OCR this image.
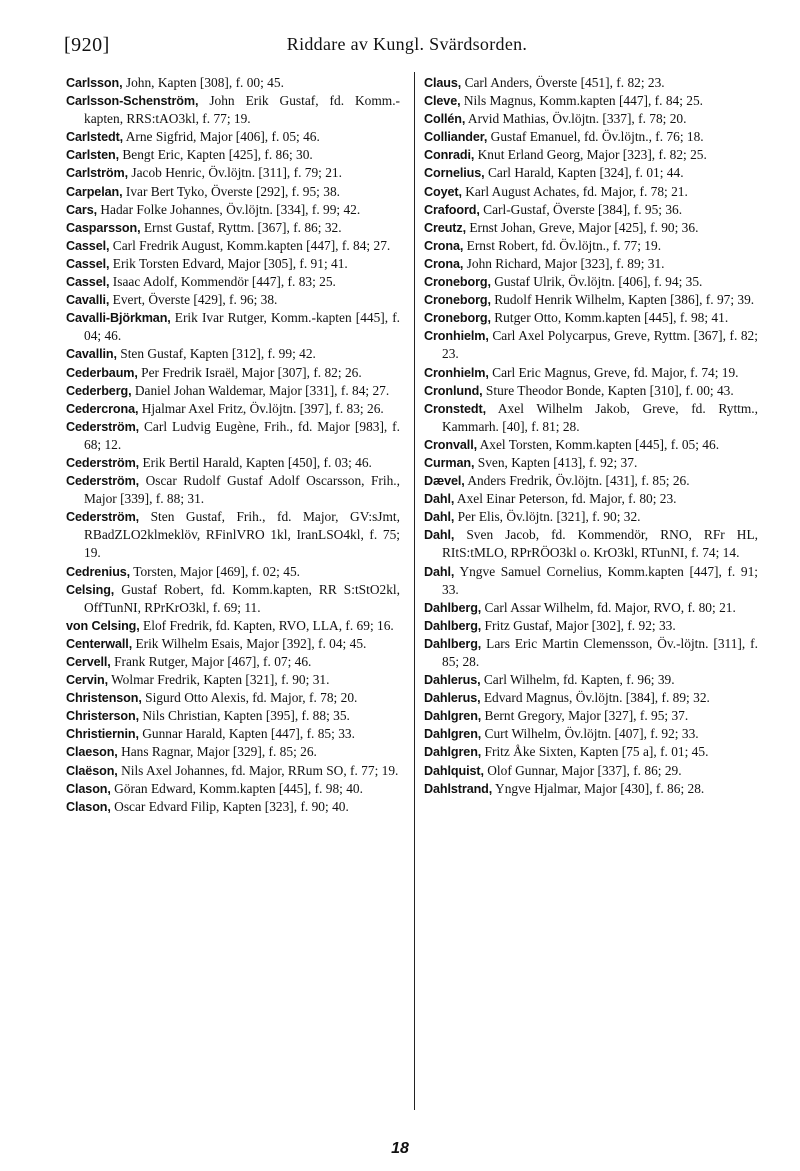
[920]	Riddare av Kungl. Svärdsorden.

Carlsson, John, Kapten [308], f. 00; 45.

Carlsson-Schenström, John Erik Gustaf, fd. Komm.-kapten, RRS:tAO3kl, f. 77; 19.

Carlstedt, Arne Sigfrid, Major [406], f. 05; 46.

Carlsten, Bengt Eric, Kapten [425], f. 86; 30.

Carlström, Jacob Henric, Öv.löjtn. [311], f. 79; 21.

Carpelan, Ivar Bert Tyko, Överste [292], f. 95; 38.

Cars, Hadar Folke Johannes, Öv.löjtn. [334], f. 99; 42.

Casparsson, Ernst Gustaf, Ryttm. [367], f. 86; 32.

Cassel, Carl Fredrik August, Komm.kapten [447], f. 84; 27.

Cassel, Erik Torsten Edvard, Major [305], f. 91; 41.

Cassel, Isaac Adolf, Kommendör [447], f. 83; 25.

Cavalli, Evert, Överste [429], f. 96; 38.

Cavalli-Björkman, Erik Ivar Rutger, Komm.-kapten [445], f. 04; 46.

Cavallin, Sten Gustaf, Kapten [312], f. 99; 42.

Cederbaum, Per Fredrik Israël, Major [307], f. 82; 26.

Cederberg, Daniel Johan Waldemar, Major [331], f. 84; 27.

Cedercrona, Hjalmar Axel Fritz, Öv.löjtn. [397], f. 83; 26.

Cederström, Carl Ludvig Eugène, Frih., fd. Major [983], f. 68; 12.

Cederström, Erik Bertil Harald, Kapten [450], f. 03; 46.

Cederström, Oscar Rudolf Gustaf Adolf Oscarsson, Frih., Major [339], f. 88; 31.

Cederström, Sten Gustaf, Frih., fd. Major, GV:sJmt, RBadZLO2klmeklöv, RFinlVRO 1kl, IranLSO4kl, f. 75; 19.

Cedrenius, Torsten, Major [469], f. 02; 45.

Celsing, Gustaf Robert, fd. Komm.kapten, RR S:tStO2kl, OffTunNI, RPrKrO3kl, f. 69; 11.

von Celsing, Elof Fredrik, fd. Kapten, RVO, LLA, f. 69; 16.

Centerwall, Erik Wilhelm Esais, Major [392], f. 04; 45.

Cervell, Frank Rutger, Major [467], f. 07; 46.

Cervin, Wolmar Fredrik, Kapten [321], f. 90; 31.

Christenson, Sigurd Otto Alexis, fd. Major, f. 78; 20.

Christerson, Nils Christian, Kapten [395], f. 88; 35.

Christiernin, Gunnar Harald, Kapten [447], f. 85; 33.

Claeson, Hans Ragnar, Major [329], f. 85; 26.

Claëson, Nils Axel Johannes, fd. Major, RRum SO, f. 77; 19.

Clason, Göran Edward, Komm.kapten [445], f. 98; 40.

Clason, Oscar Edvard Filip, Kapten [323], f. 90; 40.

Claus, Carl Anders, Överste [451], f. 82; 23.

Cleve, Nils Magnus, Komm.kapten [447], f. 84; 25.

Collén, Arvid Mathias, Öv.löjtn. [337], f. 78; 20.

Colliander, Gustaf Emanuel, fd. Öv.löjtn., f. 76; 18.

Conradi, Knut Erland Georg, Major [323], f. 82; 25.

Cornelius, Carl Harald, Kapten [324], f. 01; 44.

Coyet, Karl August Achates, fd. Major, f. 78; 21.

Crafoord, Carl-Gustaf, Överste [384], f. 95; 36.

Creutz, Ernst Johan, Greve, Major [425], f. 90; 36.

Crona, Ernst Robert, fd. Öv.löjtn., f. 77; 19.

Crona, John Richard, Major [323], f. 89; 31.

Croneborg, Gustaf Ulrik, Öv.löjtn. [406], f. 94; 35.

Croneborg, Rudolf Henrik Wilhelm, Kapten [386], f. 97; 39.

Croneborg, Rutger Otto, Komm.kapten [445], f. 98; 41.

Cronhielm, Carl Axel Polycarpus, Greve, Ryttm. [367], f. 82; 23.

Cronhielm, Carl Eric Magnus, Greve, fd. Major, f. 74; 19.

Cronlund, Sture Theodor Bonde, Kapten [310], f. 00; 43.

Cronstedt, Axel Wilhelm Jakob, Greve, fd. Ryttm., Kammarh. [40], f. 81; 28.

Cronvall, Axel Torsten, Komm.kapten [445], f. 05; 46.

Curman, Sven, Kapten [413], f. 92; 37.

Dævel, Anders Fredrik, Öv.löjtn. [431], f. 85; 26.

Dahl, Axel Einar Peterson, fd. Major, f. 80; 23.

Dahl, Per Elis, Öv.löjtn. [321], f. 90; 32.

Dahl, Sven Jacob, fd. Kommendör, RNO, RFr HL, RItS:tMLO, RPrRÖO3kl o. KrO3kl, RTunNI, f. 74; 14.

Dahl, Yngve Samuel Cornelius, Komm.kapten [447], f. 91; 33.

Dahlberg, Carl Assar Wilhelm, fd. Major, RVO, f. 80; 21.

Dahlberg, Fritz Gustaf, Major [302], f. 92; 33.

Dahlberg, Lars Eric Martin Clemensson, Öv.-löjtn. [311], f. 85; 28.

Dahlerus, Carl Wilhelm, fd. Kapten, f. 96; 39.

Dahlerus, Edvard Magnus, Öv.löjtn. [384], f. 89; 32.

Dahlgren, Bernt Gregory, Major [327], f. 95; 37.

Dahlgren, Curt Wilhelm, Öv.löjtn. [407], f. 92; 33.

Dahlgren, Fritz Åke Sixten, Kapten [75 a], f. 01; 45.

Dahlquist, Olof Gunnar, Major [337], f. 86; 29.

Dahlstrand, Yngve Hjalmar, Major [430], f. 86; 28.

18
